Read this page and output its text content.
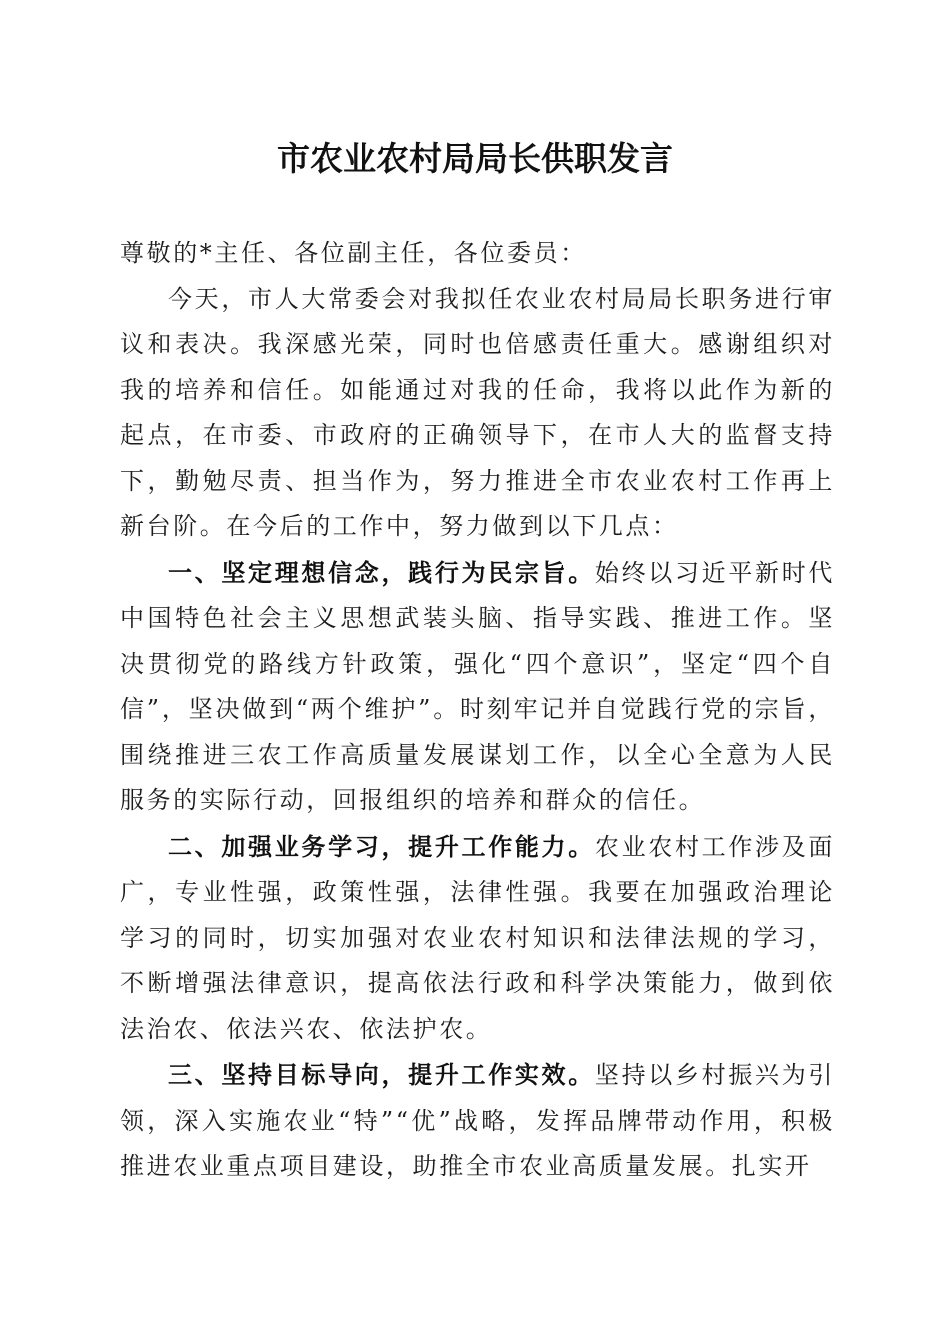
市农业农村局局长供职发言

尊敬的*主任、各位副主任，各位委员：

今天，市人大常委会对我拟任农业农村局局长职务进行审议和表决。我深感光荣，同时也倍感责任重大。感谢组织对我的培养和信任。如能通过对我的任命，我将以此作为新的起点，在市委、市政府的正确领导下，在市人大的监督支持下，勤勉尽责、担当作为，努力推进全市农业农村工作再上新台阶。在今后的工作中，努力做到以下几点：

一、坚定理想信念，践行为民宗旨。始终以习近平新时代中国特色社会主义思想武装头脑、指导实践、推进工作。坚决贯彻党的路线方针政策，强化“四个意识”，坚定“四个自信”，坚决做到“两个维护”。时刻牢记并自觉践行党的宗旨，围绕推进三农工作高质量发展谋划工作，以全心全意为人民服务的实际行动，回报组织的培养和群众的信任。

二、加强业务学习，提升工作能力。农业农村工作涉及面广，专业性强，政策性强，法律性强。我要在加强政治理论学习的同时，切实加强对农业农村知识和法律法规的学习，不断增强法律意识，提高依法行政和科学决策能力，做到依法治农、依法兴农、依法护农。

三、坚持目标导向，提升工作实效。坚持以乡村振兴为引领，深入实施农业“特”“优”战略，发挥品牌带动作用，积极推进农业重点项目建设，助推全市农业高质量发展。扎实开
